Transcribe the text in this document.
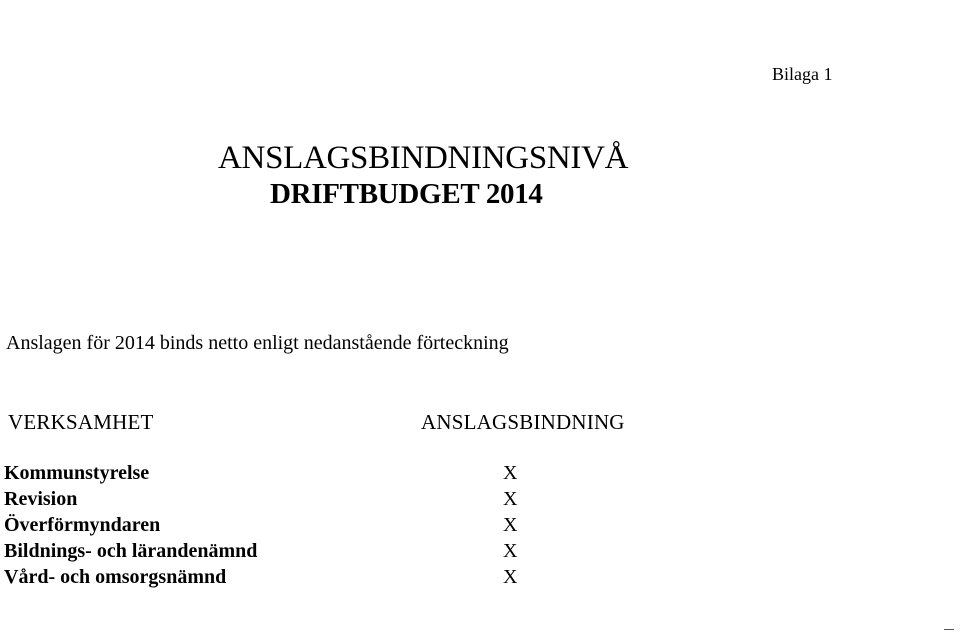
Bilaga 1
ANSLAGSBINDNINGSNIVÅ
DRIFTBUDGET 2014
Anslagen för 2014 binds netto enligt nedanstående förteckning
VERKSAMHET	ANSLAGSBINDNING
Kommunstyrelse	X
Revision	X
Överförmyndaren	X
Bildnings- och lärandenämnd	X
Vård- och omsorgsnämnd	X
